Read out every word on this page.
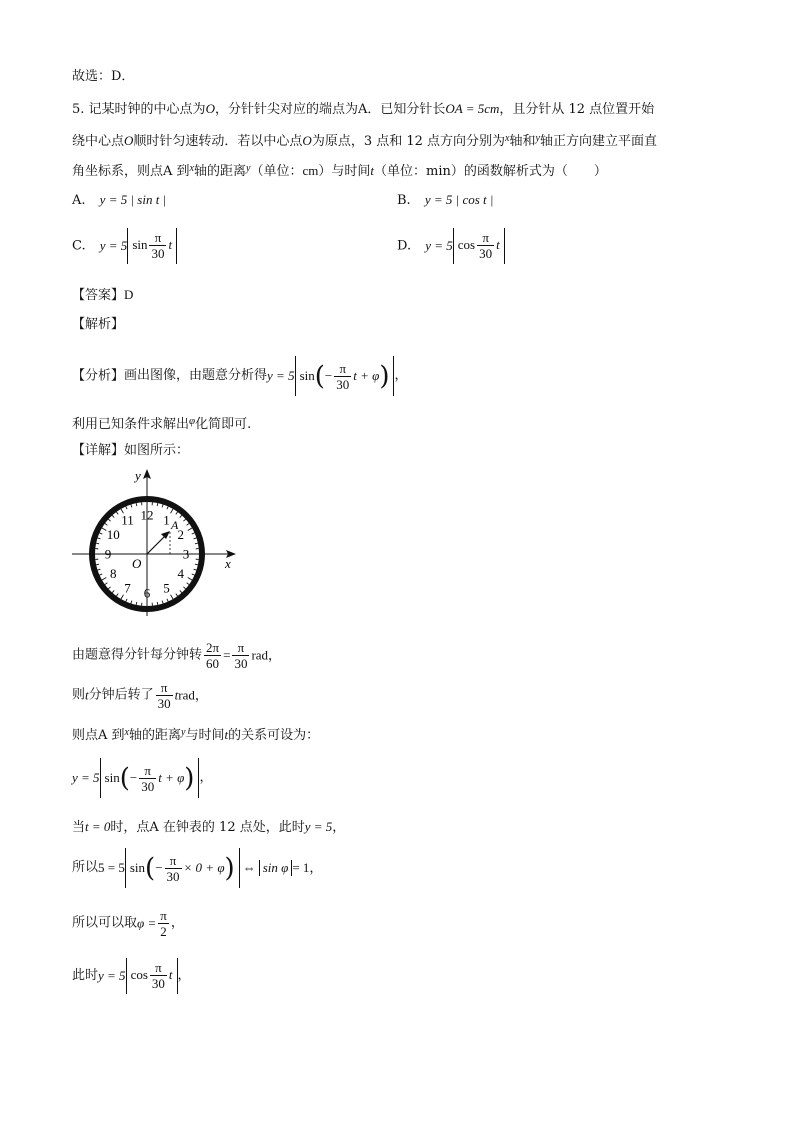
故选：D．
5. 记某时钟的中心点为O，分针针尖对应的端点为A．已知分针长OA = 5cm，且分针从 12 点位置开始
绕中心点O顺时针匀速转动．若以中心点O为原点，3 点和 12 点方向分别为$^x$轴和$^y$轴正方向建立平面直
角坐标系，则点A 到$^x$轴的距离$^y$（单位：cm）与时间t（单位：min）的函数解析式为（　　）
A. y = 5 | sin t |	B. y = 5 | cos t |
C. y = 5 $\sin \frac{\pi}{30}$ t	D. y = 5 $\cos \frac{\pi}{30}$ t
【答案】D
【解析】
【分析】画出图像，由题意分析得y = 5 $\sin(- \frac{\pi}{30}$ t + φ) ，
利用已知条件求解出$^\varphi$化简即可.
【详解】如图所示：
12 1
2
3
4
5
6
7
8
9
10
11	A
O	x
y
由题意得分针每分钟转 $\frac{2\pi}{60} = \frac{\pi}{30}$ rad，
则t分钟后转了 $\frac{\pi}{30}$ trad，
则点A 到$^x$轴的距离$^y$与时间t的关系可设为：
y = 5 $\sin(- \frac{\pi}{30}$ t + φ) ，
当t = 0时，点A 在钟表的 12 点处，此时y = 5，
所以5 = 5 $\sin(- \frac{\pi}{30} \times 0 + \varphi)$ ⇔ sin φ = 1，
所以可以取$\varphi = \frac{\pi}{2}$ ，
此时y = 5 $\cos \frac{\pi}{30}$ t ，
